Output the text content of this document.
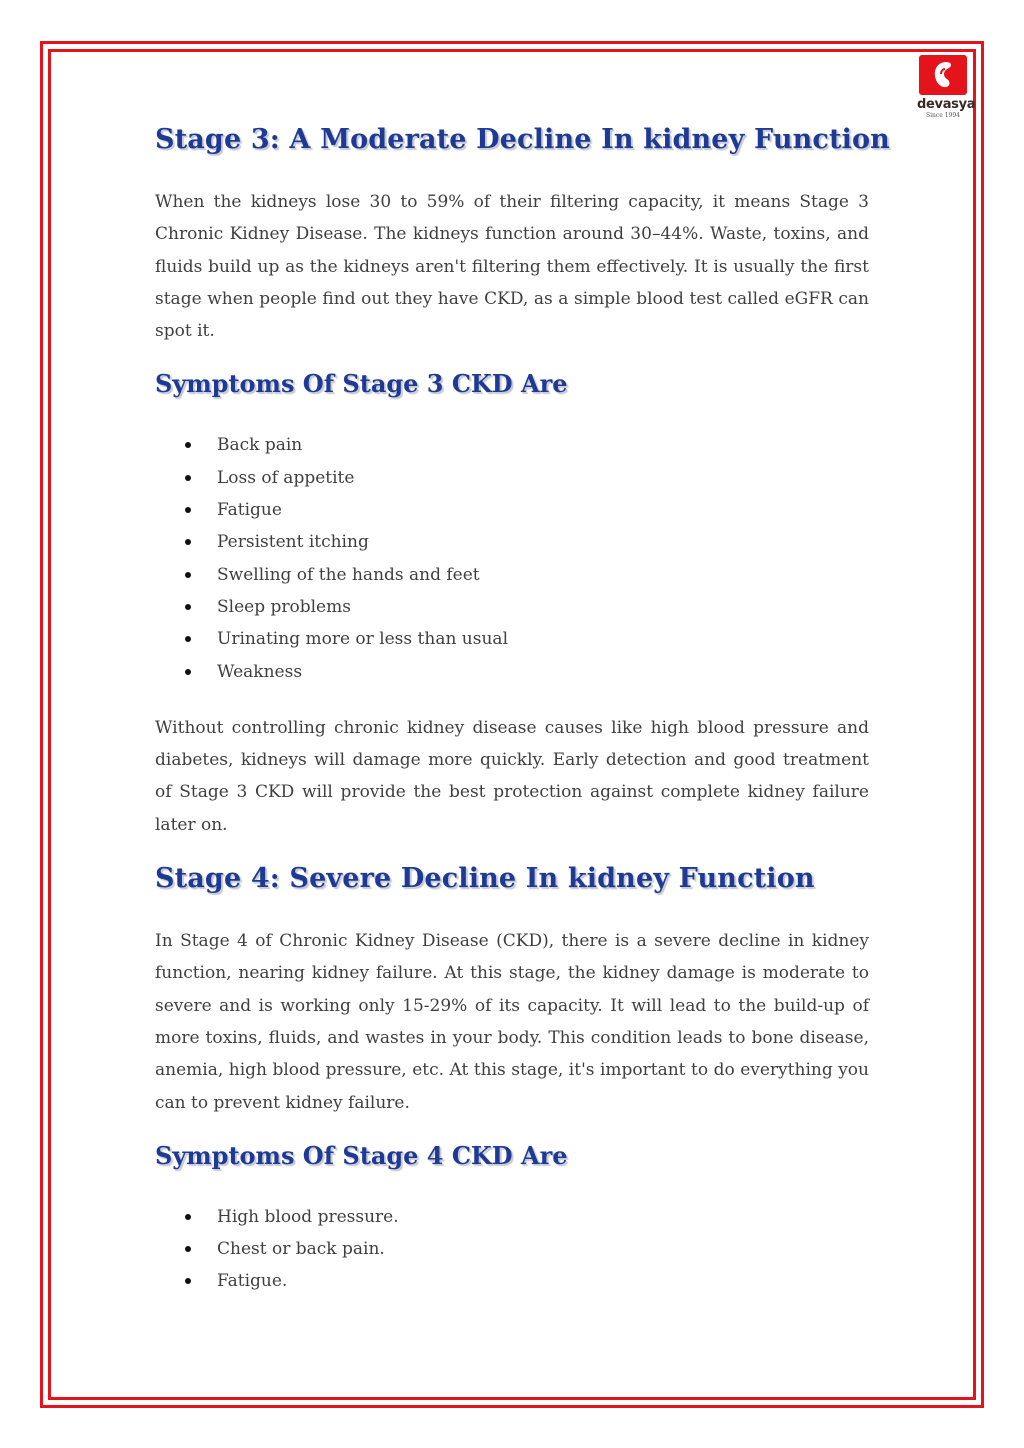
devasya
Since 1994
Stage 3: A Moderate Decline In kidney Function

When the kidneys lose 30 to 59% of their filtering capacity, it means Stage 3 Chronic Kidney Disease. The kidneys function around 30–44%. Waste, toxins, and fluids build up as the kidneys aren't filtering them effectively. It is usually the first stage when people find out they have CKD, as a simple blood test called eGFR can spot it.

Symptoms Of Stage 3 CKD Are
Back pain
Loss of appetite
Fatigue
Persistent itching
Swelling of the hands and feet
Sleep problems
Urinating more or less than usual
Weakness

Without controlling chronic kidney disease causes like high blood pressure and diabetes, kidneys will damage more quickly. Early detection and good treatment of Stage 3 CKD will provide the best protection against complete kidney failure later on.

Stage 4: Severe Decline In kidney Function

In Stage 4 of Chronic Kidney Disease (CKD), there is a severe decline in kidney function, nearing kidney failure. At this stage, the kidney damage is moderate to severe and is working only 15-29% of its capacity. It will lead to the build-up of more toxins, fluids, and wastes in your body. This condition leads to bone disease, anemia, high blood pressure, etc. At this stage, it's important to do everything you can to prevent kidney failure.

Symptoms Of Stage 4 CKD Are
High blood pressure.
Chest or back pain.
Fatigue.
